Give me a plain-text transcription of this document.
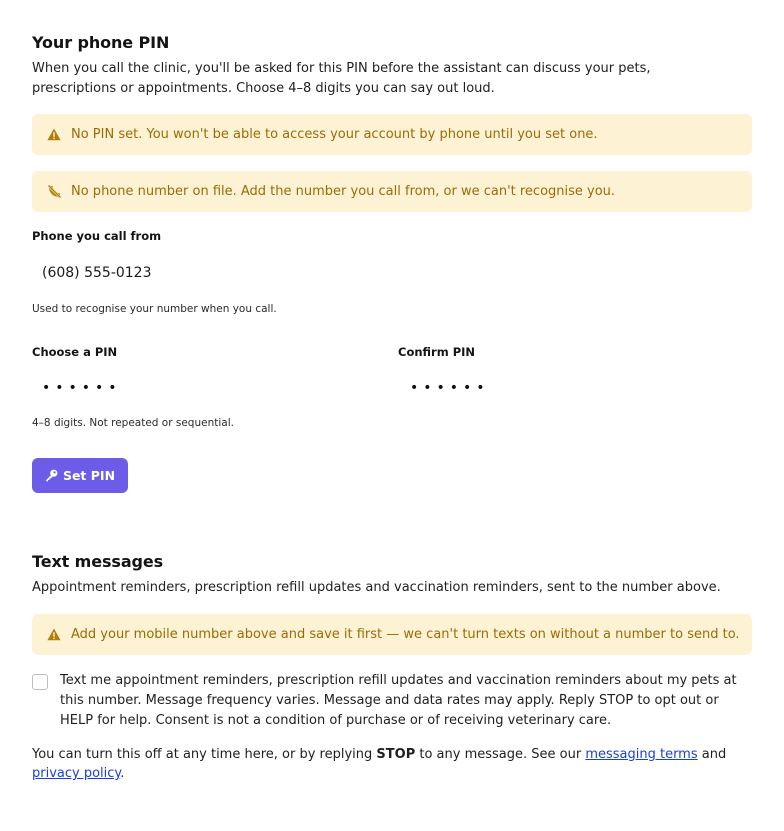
Your phone PIN

When you call the clinic, you'll be asked for this PIN before the assistant can discuss your pets, prescriptions or appointments. Choose 4–8 digits you can say out loud.

No PIN set. You won't be able to access your account by phone until you set one.
No phone number on file. Add the number you call from, or we can't recognise you.
Phone you call from
(608) 555-0123
Used to recognise your number when you call.
Choose a PIN	Confirm PIN
4–8 digits. Not repeated or sequential.
Set PIN
Text messages

Appointment reminders, prescription refill updates and vaccination reminders, sent to the number above.

Add your mobile number above and save it first — we can't turn texts on without a number to send to.
Text me appointment reminders, prescription refill updates and vaccination reminders about my pets at this number. Message frequency varies. Message and data rates may apply. Reply STOP to opt out or HELP for help. Consent is not a condition of purchase or of receiving veterinary care.
You can turn this off at any time here, or by replying STOP to any message. See our messaging terms and privacy policy.
